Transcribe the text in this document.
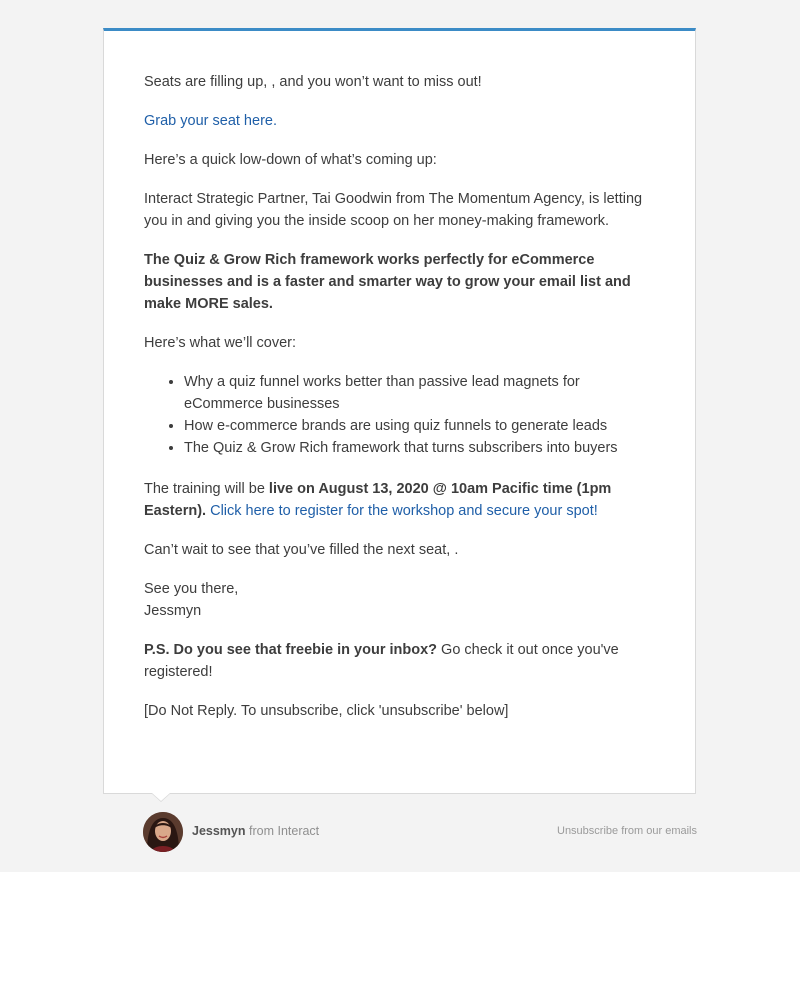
Seats are filling up, , and you won’t want to miss out!

Grab your seat here.

Here’s a quick low-down of what’s coming up:

Interact Strategic Partner, Tai Goodwin from The Momentum Agency, is letting you in and giving you the inside scoop on her money-making framework.

The Quiz & Grow Rich framework works perfectly for eCommerce businesses and is a faster and smarter way to grow your email list and make MORE sales.

Here’s what we’ll cover:

• Why a quiz funnel works better than passive lead magnets for eCommerce businesses
• How e-commerce brands are using quiz funnels to generate leads
• The Quiz & Grow Rich framework that turns subscribers into buyers

The training will be live on August 13, 2020 @ 10am Pacific time (1pm Eastern). Click here to register for the workshop and secure your spot!

Can’t wait to see that you’ve filled the next seat, .

See you there,
Jessmyn

P.S. Do you see that freebie in your inbox? Go check it out once you've registered!

[Do Not Reply. To unsubscribe, click 'unsubscribe' below]

Jessmyn from Interact	Unsubscribe from our emails
